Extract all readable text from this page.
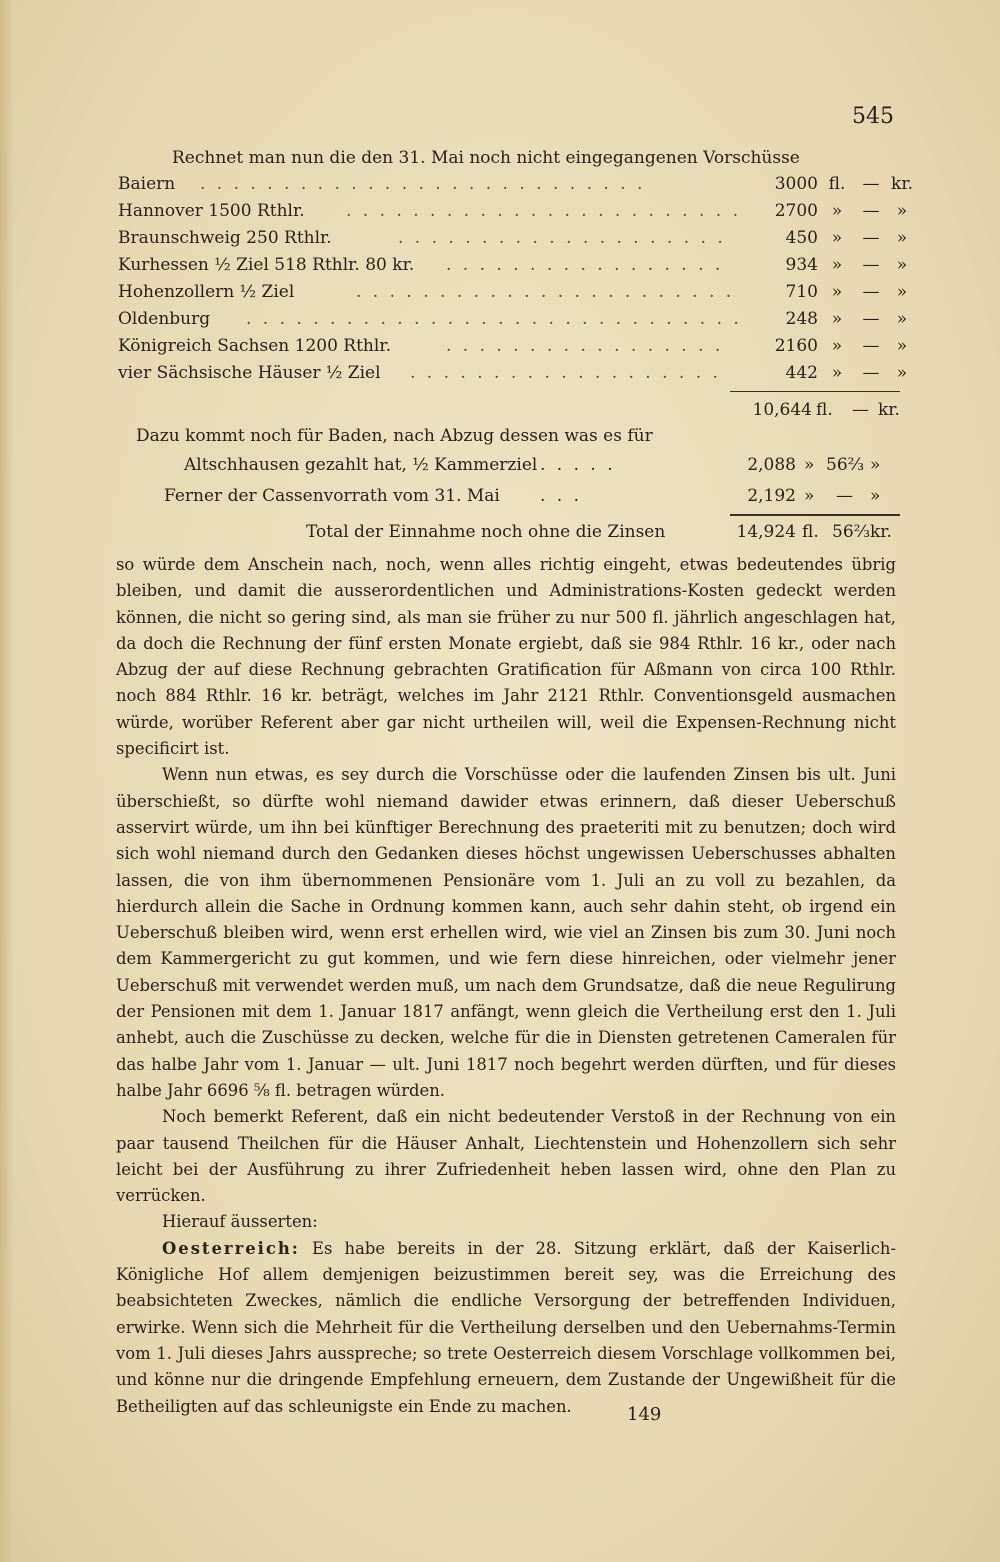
545
Rechnet man nun die den 31. Mai noch nicht eingegangenen Vorschüsse
Baiern . . . . . . . . . . . . . . . . . . . . . . . . . . .	3000 fl.	— kr.
Hannover 1500 Rthlr. . . . . . . . . . . . . . . . . . . . . . . . .	2700 »	—	»
Braunschweig 250 Rthlr.	. . . . . . . . . . . . . . . . . . . .	450 »	—	»
Kurhessen ½ Ziel 518 Rthlr. 80 kr. . . . . . . . . . . . . . . . . .	934 »	—	»
Hohenzollern ½ Ziel	. . . . . . . . . . . . . . . . . . . . . . .	710 »	—	»
Oldenburg . . . . . . . . . . . . . . . . . . . . . . . . . . . . . .	248 »	—	»
Königreich Sachsen 1200 Rthlr.	. . . . . . . . . . . . . . . . .	2160 »	—	»
vier Sächsische Häuser ½ Ziel . . . . . . . . . . . . . . . . . . .	442 »	—	»
10,644 fl. — kr.
Dazu kommt noch für Baden, nach Abzug dessen was es für
Altschhausen gezahlt hat, ½ Kammerziel . . . . .	2,088 » 56⅔ »
Ferner der Cassenvorrath vom 31. Mai . . .	2,192 » — »
Total der Einnahme noch ohne die Zinsen	14,924 fl. 56⅔ kr.

so würde dem Anschein nach, noch, wenn alles richtig eingeht, etwas bedeutendes übrig bleiben, und damit die ausserordentlichen und Administrations-Kosten gedeckt werden können, die nicht so gering sind, als man sie früher zu nur 500 fl. jährlich angeschlagen hat, da doch die Rechnung der fünf ersten Monate ergiebt, daß sie 984 Rthlr. 16 kr., oder nach Abzug der auf diese Rechnung gebrachten Gratification für Aßmann von circa 100 Rthlr. noch 884 Rthlr. 16 kr. beträgt, welches im Jahr 2121 Rthlr. Conventionsgeld ausmachen würde, worüber Referent aber gar nicht urtheilen will, weil die Expensen-Rechnung nicht specificirt ist.

Wenn nun etwas, es sey durch die Vorschüsse oder die laufenden Zinsen bis ult. Juni überschießt, so dürfte wohl niemand dawider etwas erinnern, daß dieser Ueberschuß asservirt würde, um ihn bei künftiger Berechnung des praeteriti mit zu benutzen; doch wird sich wohl niemand durch den Gedanken dieses höchst ungewissen Ueberschusses abhalten lassen, die von ihm übernommenen Pensionäre vom 1. Juli an zu voll zu bezahlen, da hierdurch allein die Sache in Ordnung kommen kann, auch sehr dahin steht, ob irgend ein Ueberschuß bleiben wird, wenn erst erhellen wird, wie viel an Zinsen bis zum 30. Juni noch dem Kammergericht zu gut kommen, und wie fern diese hinreichen, oder vielmehr jener Ueberschuß mit verwendet werden muß, um nach dem Grundsatze, daß die neue Regulirung der Pensionen mit dem 1. Januar 1817 anfängt, wenn gleich die Vertheilung erst den 1. Juli anhebt, auch die Zuschüsse zu decken, welche für die in Diensten getretenen Cameralen für das halbe Jahr vom 1. Januar — ult. Juni 1817 noch begehrt werden dürften, und für dieses halbe Jahr 6696 ⅝ fl. betragen würden.

Noch bemerkt Referent, daß ein nicht bedeutender Verstoß in der Rechnung von ein paar tausend Theilchen für die Häuser Anhalt, Liechtenstein und Hohenzollern sich sehr leicht bei der Ausführung zu ihrer Zufriedenheit heben lassen wird, ohne den Plan zu verrücken.

Hierauf äusserten:

Oesterreich: Es habe bereits in der 28. Sitzung erklärt, daß der Kaiserlich-Königliche Hof allem demjenigen beizustimmen bereit sey, was die Erreichung des beabsichteten Zweckes, nämlich die endliche Versorgung der betreffenden Individuen, erwirke. Wenn sich die Mehrheit für die Vertheilung derselben und den Uebernahms-Termin vom 1. Juli dieses Jahrs ausspreche; so trete Oesterreich diesem Vorschlage vollkommen bei, und könne nur die dringende Empfehlung erneuern, dem Zustande der Ungewißheit für die Betheiligten auf das schleunigste ein Ende zu machen.	149
